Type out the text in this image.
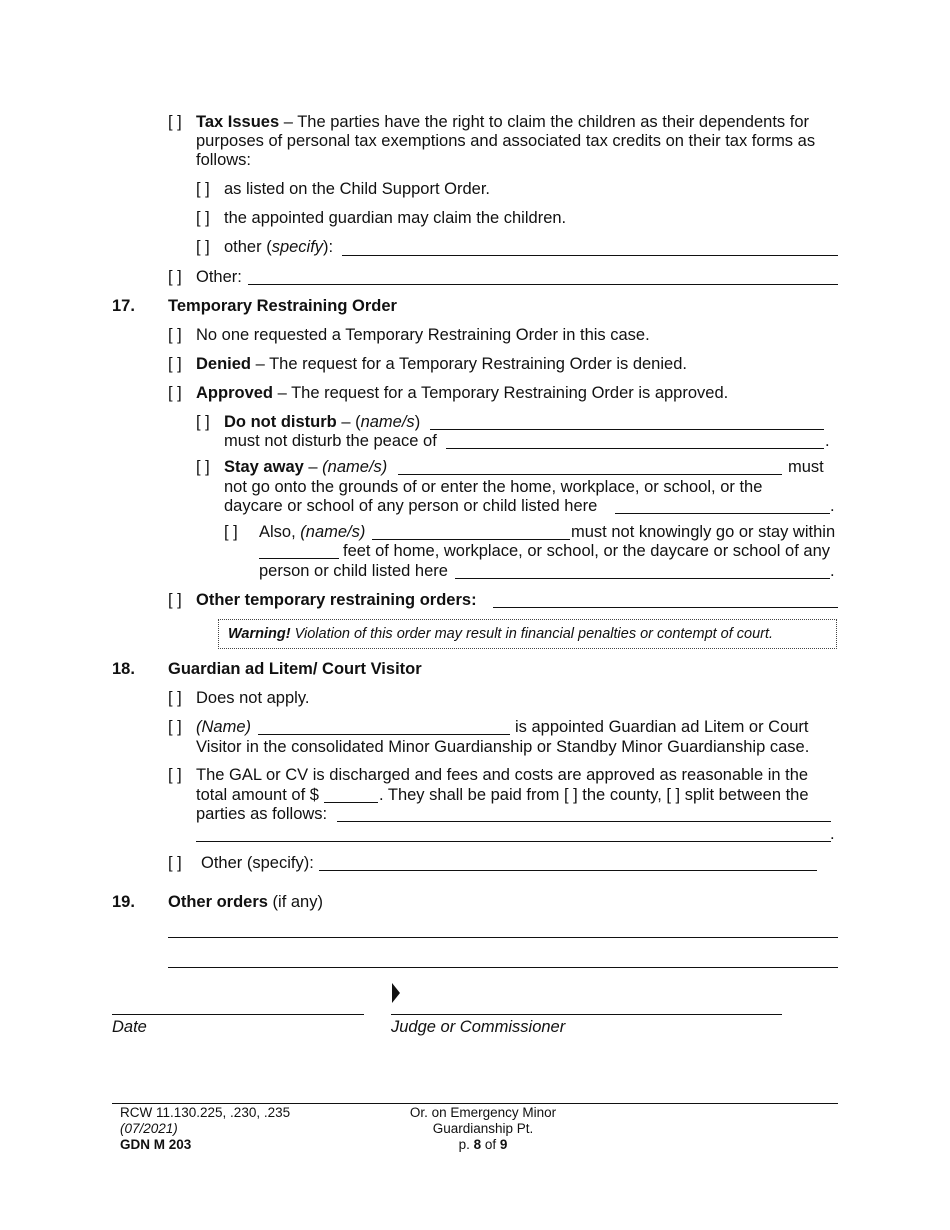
[ ] Tax Issues – The parties have the right to claim the children as their dependents for
purposes of personal tax exemptions and associated tax credits on their tax forms as
follows:
[ ] as listed on the Child Support Order.
[ ] the appointed guardian may claim the children.
[ ] other (specify):
[ ] Other:
17. Temporary Restraining Order
[ ] No one requested a Temporary Restraining Order in this case.
[ ] Denied – The request for a Temporary Restraining Order is denied.
[ ] Approved – The request for a Temporary Restraining Order is approved.
[ ] Do not disturb – (name/s)
must not disturb the peace of	.
[ ] Stay away – (name/s)	must
not go onto the grounds of or enter the home, workplace, or school, or the
daycare or school of any person or child listed here	.
[ ] Also, (name/s)	must not knowingly go or stay within
feet of home, workplace, or school, or the daycare or school of any
person or child listed here	.
[ ] Other temporary restraining orders:
Warning! Violation of this order may result in financial penalties or contempt of court.
18. Guardian ad Litem/ Court Visitor
[ ] Does not apply.
[ ] (Name)	is appointed Guardian ad Litem or Court
Visitor in the consolidated Minor Guardianship or Standby Minor Guardianship case.
[ ] The GAL or CV is discharged and fees and costs are approved as reasonable in the
total amount of $	. They shall be paid from [ ] the county, [ ] split between the
parties as follows:
.
[ ] Other (specify):
19. Other orders (if any)
Date	Judge or Commissioner
RCW 11.130.225, .230, .235
(07/2021)
GDN M 203
Or. on Emergency Minor
Guardianship Pt.
p. 8 of 9
